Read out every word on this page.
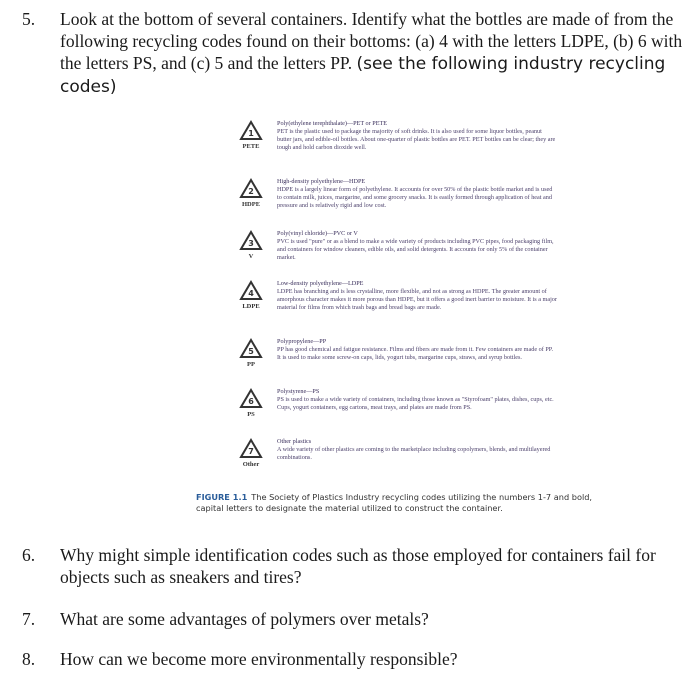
5. Look at the bottom of several containers. Identify what the bottles are made of from the following recycling codes found on their bottoms: (a) 4 with the letters LDPE, (b) 6 with the letters PS, and (c) 5 and the letters PP. (see the following industry recycling codes)
1
PETE
Poly(ethylene terephthalate)—PET or PETE
PET is the plastic used to package the majority of soft drinks. It is also used for some liquor bottles, peanut butter jars, and edible-oil bottles. About one-quarter of plastic bottles are PET. PET bottles can be clear; they are tough and hold carbon dioxide well.
2
HDPE
High-density polyethylene—HDPE
HDPE is a largely linear form of polyethylene. It accounts for over 50% of the plastic bottle market and is used to contain milk, juices, margarine, and some grocery snacks. It is easily formed through application of heat and pressure and is relatively rigid and low cost.
3
V
Poly(vinyl chloride)—PVC or V
PVC is used "pure" or as a blend to make a wide variety of products including PVC pipes, food packaging film, and containers for window cleaners, edible oils, and solid detergents. It accounts for only 5% of the container market.
4
LDPE
Low-density polyethylene—LDPE
LDPE has branching and is less crystalline, more flexible, and not as strong as HDPE. The greater amount of amorphous character makes it more porous than HDPE, but it offers a good inert barrier to moisture. It is a major material for films from which trash bags and bread bags are made.
5
PP
Polypropylene—PP
PP has good chemical and fatigue resistance. Films and fibers are made from it. Few containers are made of PP. It is used to make some screw-on caps, lids, yogurt tubs, margarine cups, straws, and syrup bottles.
6
PS
Polystyrene—PS
PS is used to make a wide variety of containers, including those known as "Styrofoam" plates, dishes, cups, etc. Cups, yogurt containers, egg cartons, meat trays, and plates are made from PS.
7
Other
Other plastics
A wide variety of other plastics are coming to the marketplace including copolymers, blends, and multilayered combinations.
FIGURE 1.1 The Society of Plastics Industry recycling codes utilizing the numbers 1-7 and bold, capital letters to designate the material utilized to construct the container.
6. Why might simple identification codes such as those employed for containers fail for objects such as sneakers and tires?
7. What are some advantages of polymers over metals?
8. How can we become more environmentally responsible?
